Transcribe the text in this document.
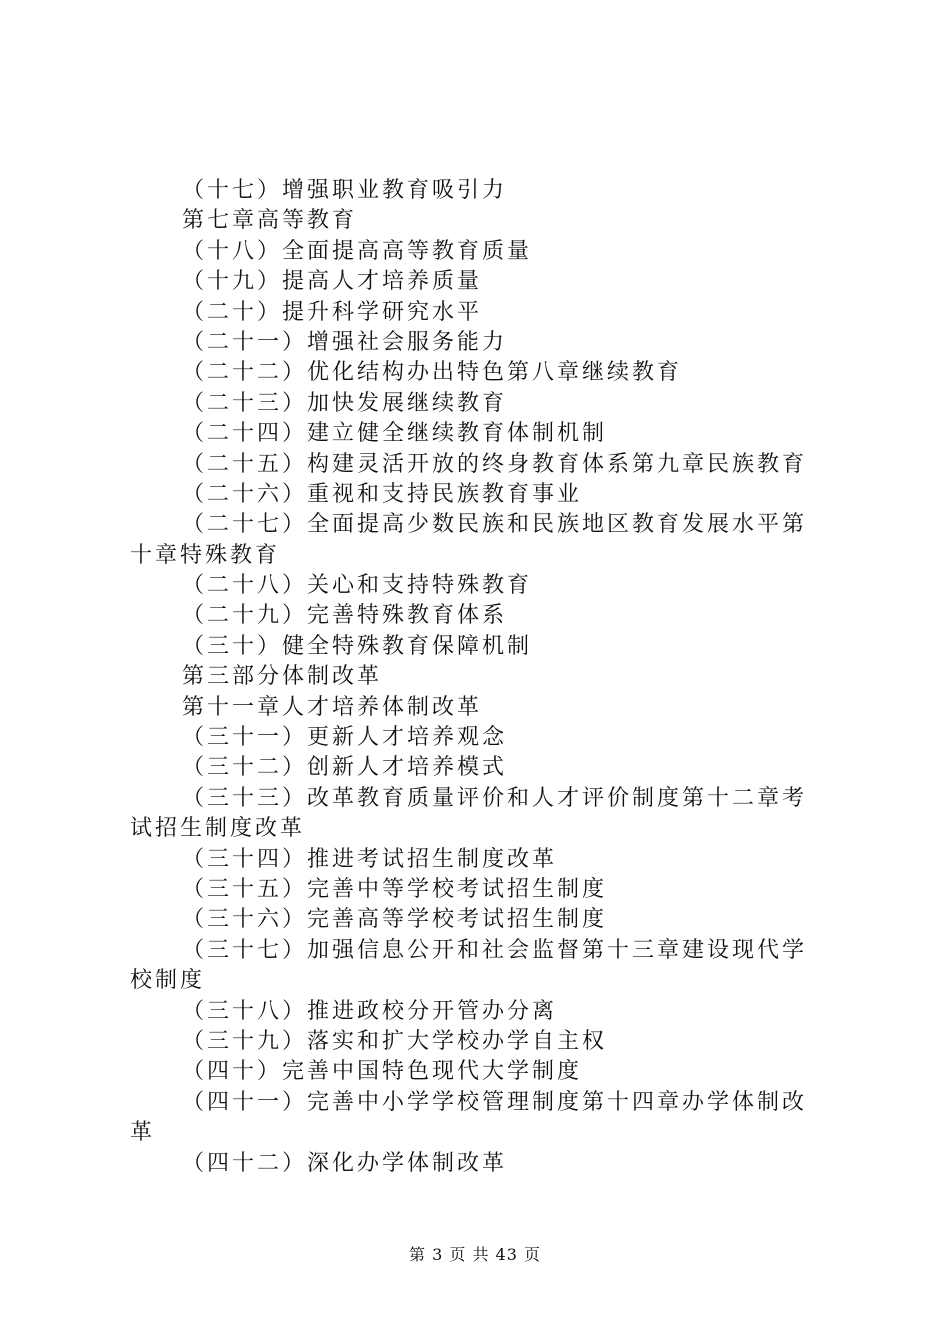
（十七）增强职业教育吸引力
第七章高等教育
（十八）全面提高高等教育质量
（十九）提高人才培养质量
（二十）提升科学研究水平
（二十一）增强社会服务能力
（二十二）优化结构办出特色第八章继续教育
（二十三）加快发展继续教育
（二十四）建立健全继续教育体制机制
（二十五）构建灵活开放的终身教育体系第九章民族教育
（二十六）重视和支持民族教育事业
（二十七）全面提高少数民族和民族地区教育发展水平第
十章特殊教育
（二十八）关心和支持特殊教育
（二十九）完善特殊教育体系
（三十）健全特殊教育保障机制
第三部分体制改革
第十一章人才培养体制改革
（三十一）更新人才培养观念
（三十二）创新人才培养模式
（三十三）改革教育质量评价和人才评价制度第十二章考
试招生制度改革
（三十四）推进考试招生制度改革
（三十五）完善中等学校考试招生制度
（三十六）完善高等学校考试招生制度
（三十七）加强信息公开和社会监督第十三章建设现代学
校制度
（三十八）推进政校分开管办分离
（三十九）落实和扩大学校办学自主权
（四十）完善中国特色现代大学制度
（四十一）完善中小学学校管理制度第十四章办学体制改
革
（四十二）深化办学体制改革
第 3 页 共 43 页
